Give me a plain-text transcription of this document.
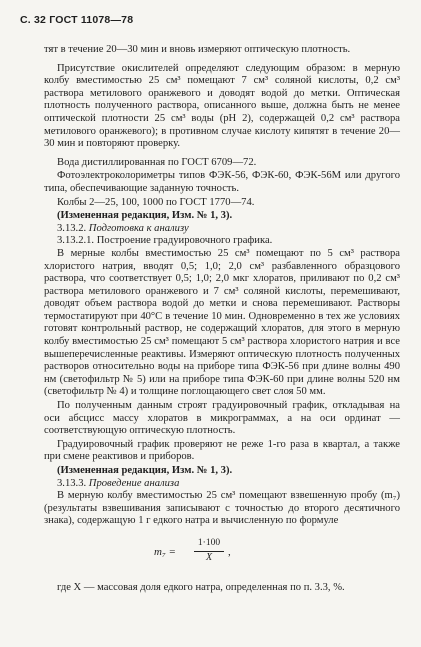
С. 32 ГОСТ 11078—78

тят в течение 20—30 мин и вновь измеряют оптическую плотность.

Присутствие окислителей определяют следующим образом: в мерную колбу вместимостью 25 см³ помещают 7 см³ соляной кислоты, 0,2 см³ раствора метилового оранжевого и доводят водой до метки. Оптическая плотность полученного раствора, описанного выше, должна быть не менее оптической плотности 25 см³ воды (pH 2), содержащей 0,2 см³ раствора метилового оранжевого); в противном случае кислоту кипятят в течение 20—30 мин и повторяют проверку.

Вода дистиллированная по ГОСТ 6709—72.

Фотоэлектроколориметры типов ФЭК-56, ФЭК-60, ФЭК-56М или другого типа, обеспечивающие заданную точность.

Колбы 2—25, 100, 1000 по ГОСТ 1770—74.

(Измененная редакция, Изм. № 1, 3).

3.13.2. Подготовка к анализу

3.13.2.1. Построение градуировочного графика.

В мерные колбы вместимостью 25 см³ помещают по 5 см³ раствора хлористого натрия, вводят 0,5; 1,0; 2,0 см³ разбавленного образцового раствора, что соответствует 0,5; 1,0; 2,0 мкг хлоратов, приливают по 0,2 см³ раствора метилового оранжевого и 7 см³ соляной кислоты, перемешивают, доводят объем раствора водой до метки и снова перемешивают. Растворы термостатируют при 40°С в течение 10 мин. Одновременно в тех же условиях готовят контрольный раствор, не содержащий хлоратов, для этого в мерную колбу вместимостью 25 см³ помещают 5 см³ раствора хлористого натрия и все вышеперечисленные реактивы. Измеряют оптическую плотность полученных растворов относительно воды на приборе типа ФЭК-56 при длине волны 490 нм (светофильтр № 5) или на приборе типа ФЭК-60 при длине волны 520 нм (светофильтр № 4) и толщине поглощающего свет слоя 50 мм.

По полученным данным строят градуировочный график, откладывая на оси абсцисс массу хлоратов в микрограммах, а на оси ординат — соответствующую оптическую плотность.

Градуировочный график проверяют не реже 1-го раза в квартал, а также при смене реактивов и приборов.

(Измененная редакция, Изм. № 1, 3).

3.13.3. Проведение анализа

В мерную колбу вместимостью 25 см³ помещают взвешенную пробу (m₇) (результаты взвешивания записывают с точностью до второго десятичного знака), содержащую 1 г едкого натра и вычисленную по формуле

$m_7 = \frac{1\cdot 100}{X}$ ,

где X — массовая доля едкого натра, определенная по п. 3.3, %.
